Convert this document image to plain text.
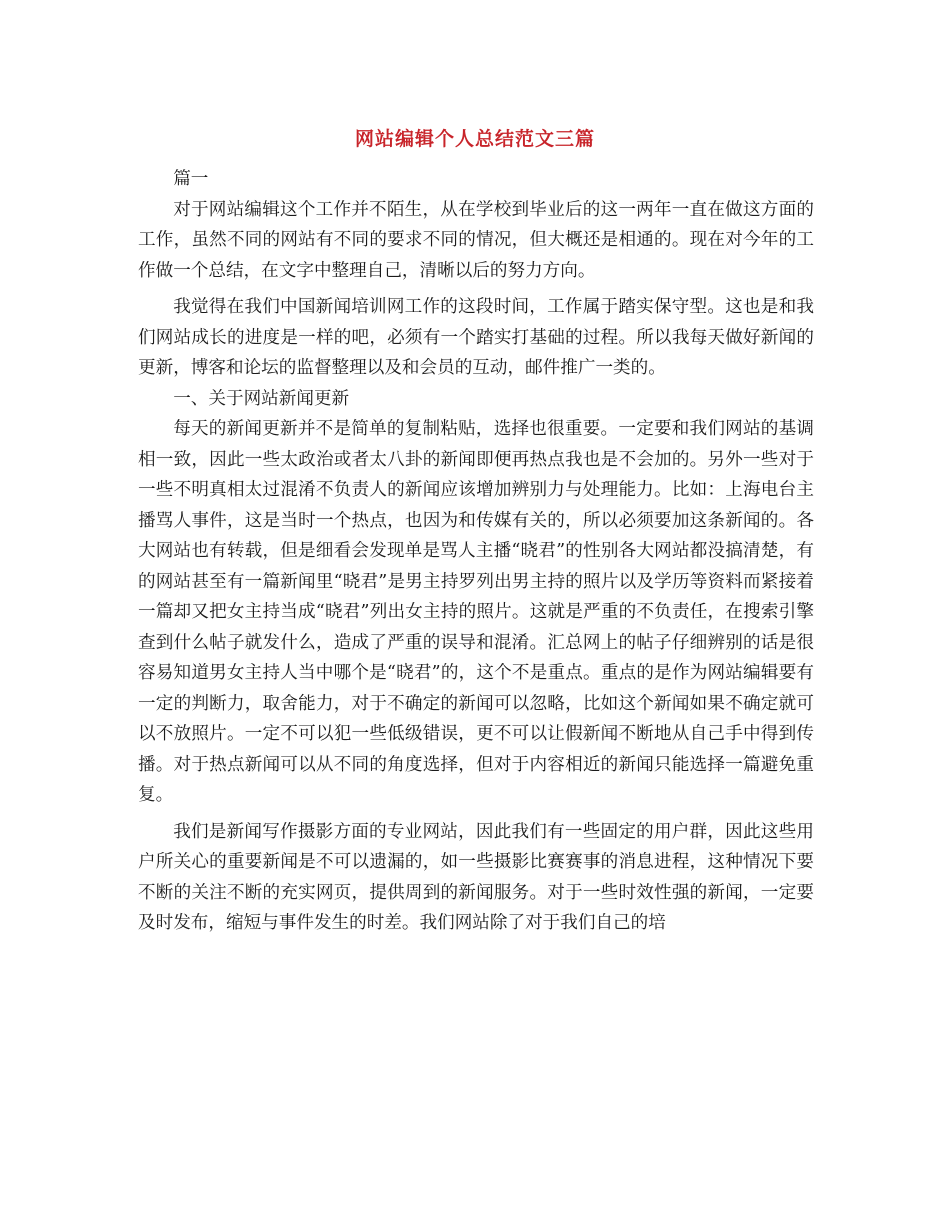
网站编辑个人总结范文三篇

篇一

对于网站编辑这个工作并不陌生，从在学校到毕业后的这一两年一直在做这方面的工作，虽然不同的网站有不同的要求不同的情况，但大概还是相通的。现在对今年的工作做一个总结，在文字中整理自己，清晰以后的努力方向。

我觉得在我们中国新闻培训网工作的这段时间，工作属于踏实保守型。这也是和我们网站成长的进度是一样的吧，必须有一个踏实打基础的过程。所以我每天做好新闻的更新，博客和论坛的监督整理以及和会员的互动，邮件推广一类的。

一、关于网站新闻更新

每天的新闻更新并不是简单的复制粘贴，选择也很重要。一定要和我们网站的基调相一致，因此一些太政治或者太八卦的新闻即便再热点我也是不会加的。另外一些对于一些不明真相太过混淆不负责人的新闻应该增加辨别力与处理能力。比如：上海电台主播骂人事件，这是当时一个热点，也因为和传媒有关的，所以必须要加这条新闻的。各大网站也有转载，但是细看会发现单是骂人主播“晓君”的性别各大网站都没搞清楚，有的网站甚至有一篇新闻里“晓君”是男主持罗列出男主持的照片以及学历等资料而紧接着一篇却又把女主持当成“晓君”列出女主持的照片。这就是严重的不负责任，在搜索引擎查到什么帖子就发什么，造成了严重的误导和混淆。汇总网上的帖子仔细辨别的话是很容易知道男女主持人当中哪个是“晓君”的，这个不是重点。重点的是作为网站编辑要有一定的判断力，取舍能力，对于不确定的新闻可以忽略，比如这个新闻如果不确定就可以不放照片。一定不可以犯一些低级错误，更不可以让假新闻不断地从自己手中得到传播。对于热点新闻可以从不同的角度选择，但对于内容相近的新闻只能选择一篇避免重复。

我们是新闻写作摄影方面的专业网站，因此我们有一些固定的用户群，因此这些用户所关心的重要新闻是不可以遗漏的，如一些摄影比赛赛事的消息进程，这种情况下要不断的关注不断的充实网页，提供周到的新闻服务。对于一些时效性强的新闻，一定要及时发布，缩短与事件发生的时差。我们网站除了对于我们自己的培
